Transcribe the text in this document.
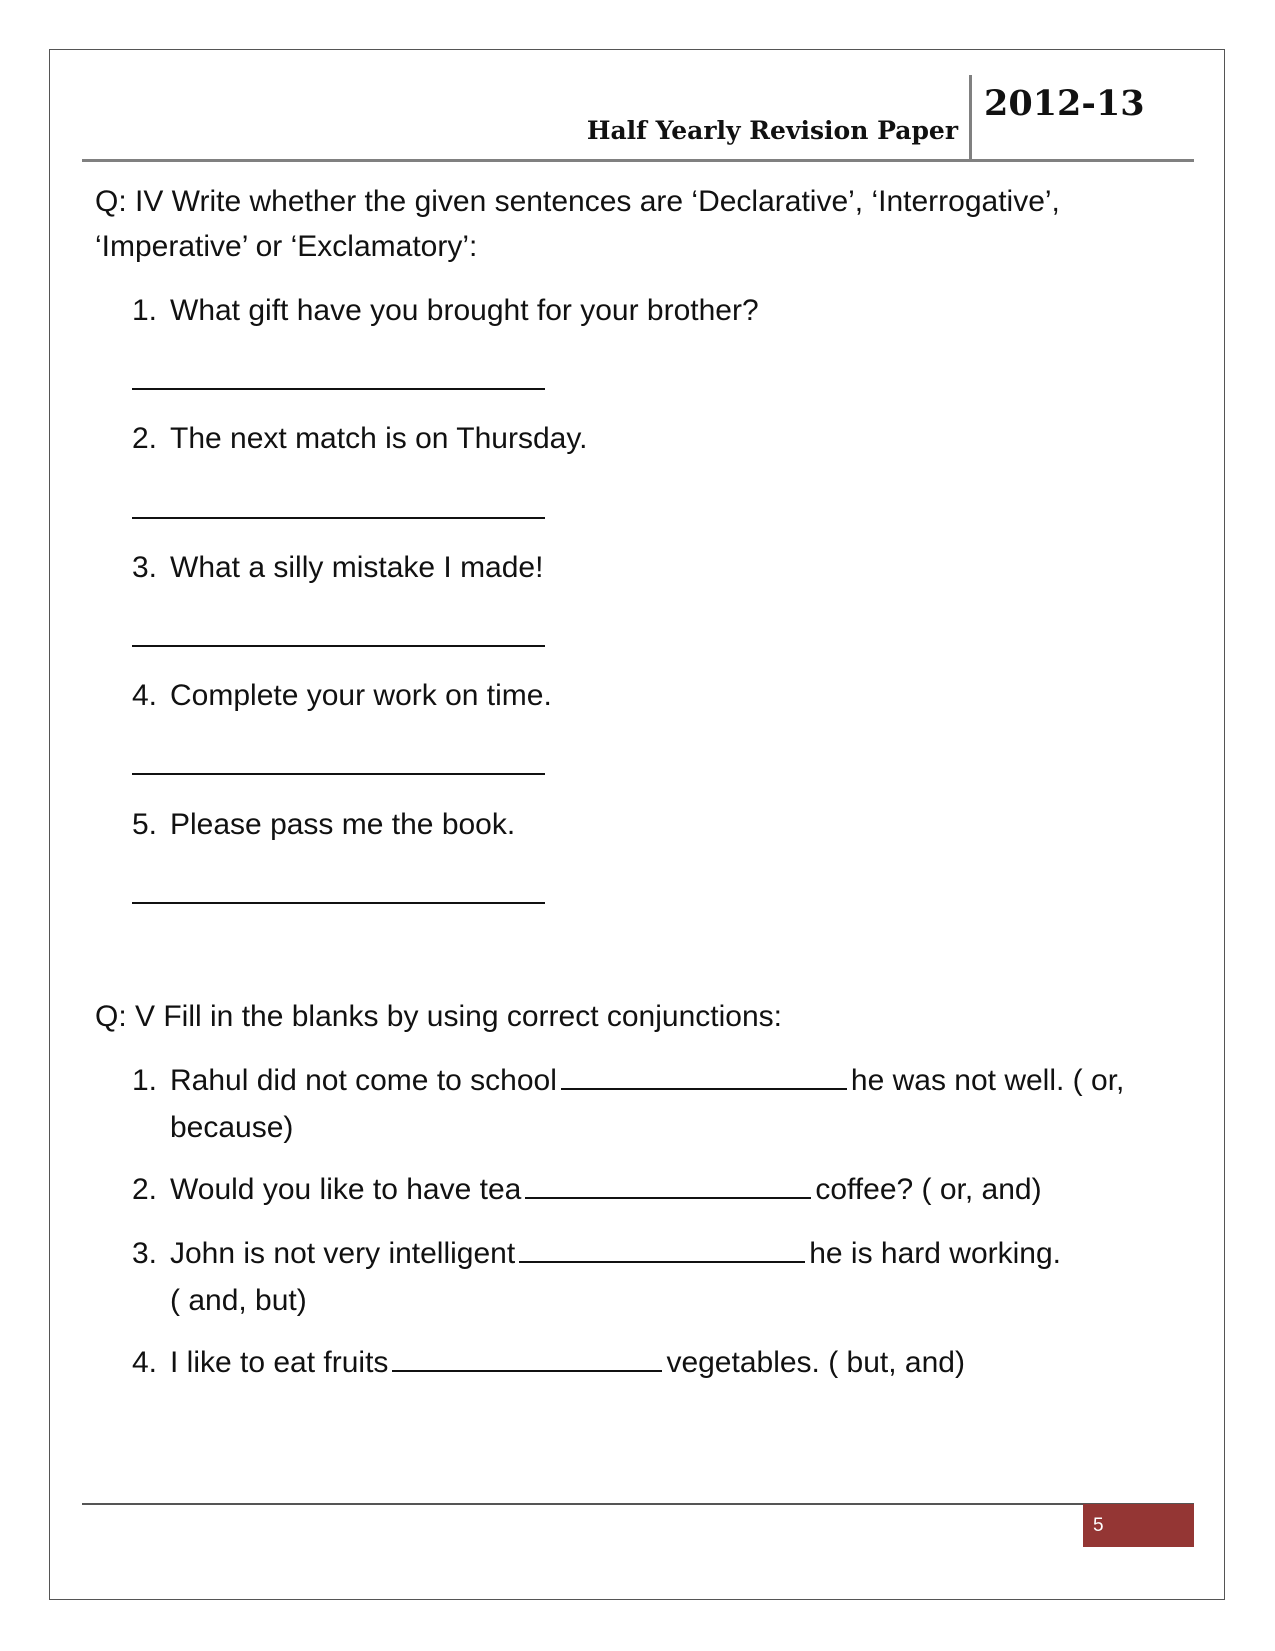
Half Yearly Revision Paper
2012-13
Q: IV Write whether the given sentences are ‘Declarative’, ‘Interrogative’,
‘Imperative’ or ‘Exclamatory’:
1. What gift have you brought for your brother?
2. The next match is on Thursday.
3. What a silly mistake I made!
4. Complete your work on time.
5. Please pass me the book.
Q: V Fill in the blanks by using correct conjunctions:
1. Rahul did not come to school	he was not well. ( or,
because)
2. Would you like to have tea	coffee? ( or, and)
3. John is not very intelligent	he is hard working.
( and, but)
4. I like to eat fruits	vegetables. ( but, and)
5
